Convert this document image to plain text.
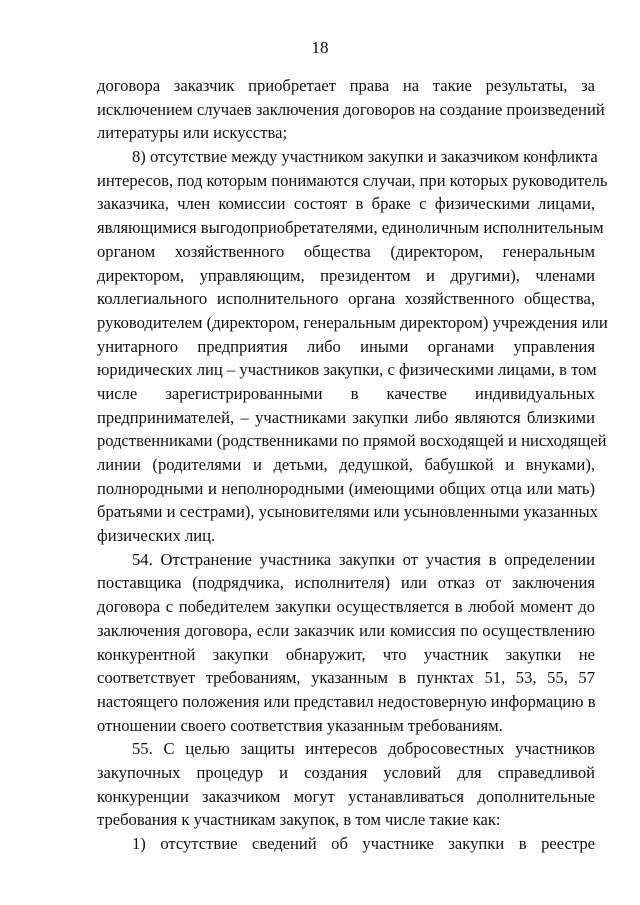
18
договора заказчик приобретает права на такие результаты, за
исключением случаев заключения договоров на создание произведений
литературы или искусства;
8) отсутствие между участником закупки и заказчиком конфликта
интересов, под которым понимаются случаи, при которых руководитель
заказчика, член комиссии состоят в браке с физическими лицами,
являющимися выгодоприобретателями, единоличным исполнительным
органом хозяйственного общества (директором, генеральным
директором, управляющим, президентом и другими), членами
коллегиального исполнительного органа хозяйственного общества,
руководителем (директором, генеральным директором) учреждения или
унитарного предприятия либо иными органами управления
юридических лиц – участников закупки, с физическими лицами, в том
числе зарегистрированными в качестве индивидуальных
предпринимателей, – участниками закупки либо являются близкими
родственниками (родственниками по прямой восходящей и нисходящей
линии (родителями и детьми, дедушкой, бабушкой и внуками),
полнородными и неполнородными (имеющими общих отца или мать)
братьями и сестрами), усыновителями или усыновленными указанных
физических лиц.
54. Отстранение участника закупки от участия в определении
поставщика (подрядчика, исполнителя) или отказ от заключения
договора с победителем закупки осуществляется в любой момент до
заключения договора, если заказчик или комиссия по осуществлению
конкурентной закупки обнаружит, что участник закупки не
соответствует требованиям, указанным в пунктах 51, 53, 55, 57
настоящего положения или представил недостоверную информацию в
отношении своего соответствия указанным требованиям.
55. С целью защиты интересов добросовестных участников
закупочных процедур и создания условий для справедливой
конкуренции заказчиком могут устанавливаться дополнительные
требования к участникам закупок, в том числе такие как:
1) отсутствие сведений об участнике закупки в реестре
